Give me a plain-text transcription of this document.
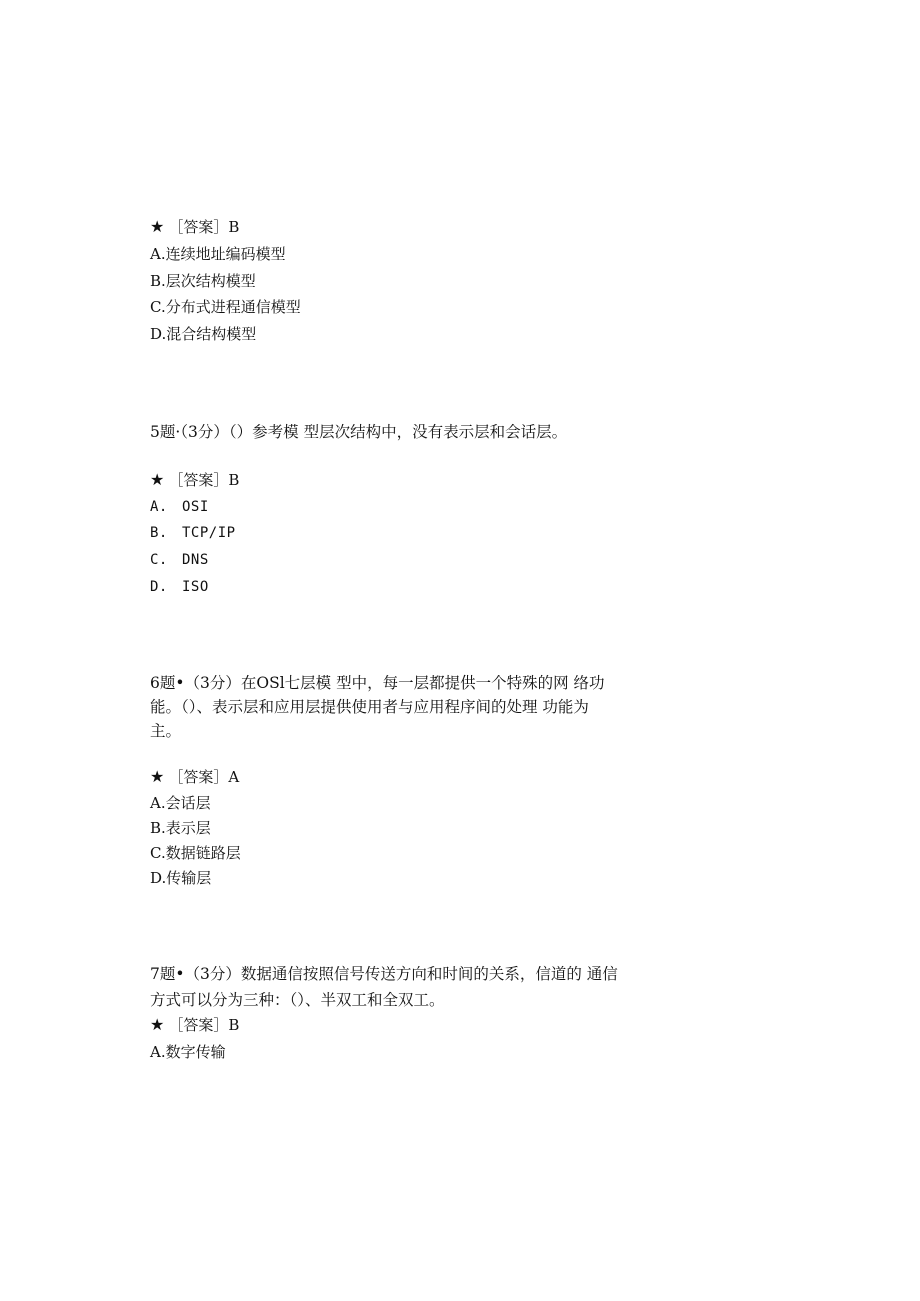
★ ［答案］B
A.连续地址编码模型
B.层次结构模型
C.分布式进程通信模型
D.混合结构模型
5题·（3分）（）参考模 型层次结构中，没有表示层和会话层。
★ ［答案］B
A. OSI
B. TCP/IP
C. DNS
D. ISO
6题•（3分）在OSl七层模 型中，每一层都提供一个特殊的网 络功
能。（）、表示层和应用层提供使用者与应用程序间的处理 功能为
主。
★ ［答案］A
A.会话层
B.表示层
C.数据链路层
D.传输层
7题•（3分）数据通信按照信号传送方向和时间的关系，信道的 通信
方式可以分为三种：（）、半双工和全双工。
★ ［答案］B
A.数字传输
